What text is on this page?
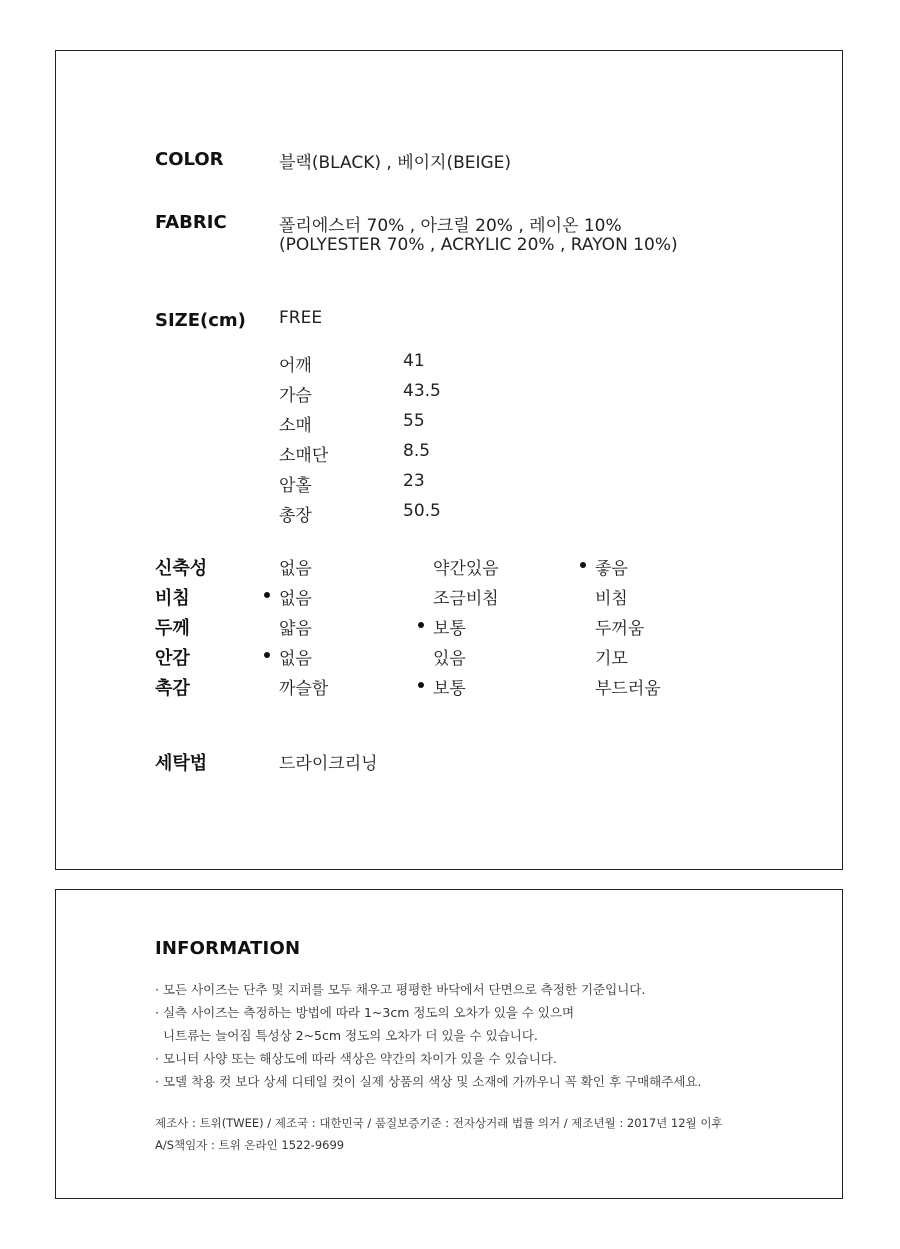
COLOR	블랙(BLACK) , 베이지(BEIGE)
FABRIC	폴리에스터 70% , 아크릴 20% , 레이온 10%
(POLYESTER 70% , ACRYLIC 20% , RAYON 10%)
SIZE(cm) FREE
어깨	41
가슴	43.5
소매	55
소매단	8.5
암홀	23
총장	50.5
신축성	없음	약간있음	좋음
비침	없음	조금비침	비침
두께	얇음	보통	두꺼움
안감	없음	있음	기모
촉감	까슬함	보통	부드러움
세탁법	드라이크리닝
INFORMATION
· 모든 사이즈는 단추 및 지퍼를 모두 채우고 평평한 바닥에서 단면으로 측정한 기준입니다.
· 실측 사이즈는 측정하는 방법에 따라 1~3cm 정도의 오차가 있을 수 있으며
니트류는 늘어짐 특성상 2~5cm 정도의 오차가 더 있을 수 있습니다.
· 모니터 사양 또는 해상도에 따라 색상은 약간의 차이가 있을 수 있습니다.
· 모델 착용 컷 보다 상세 디테일 컷이 실제 상품의 색상 및 소재에 가까우니 꼭 확인 후 구매해주세요.
제조사 : 트위(TWEE) / 제조국 : 대한민국 / 품질보증기준 : 전자상거래 법률 의거 / 제조년월 : 2017년 12월 이후
A/S책임자 : 트위 온라인 1522-9699
